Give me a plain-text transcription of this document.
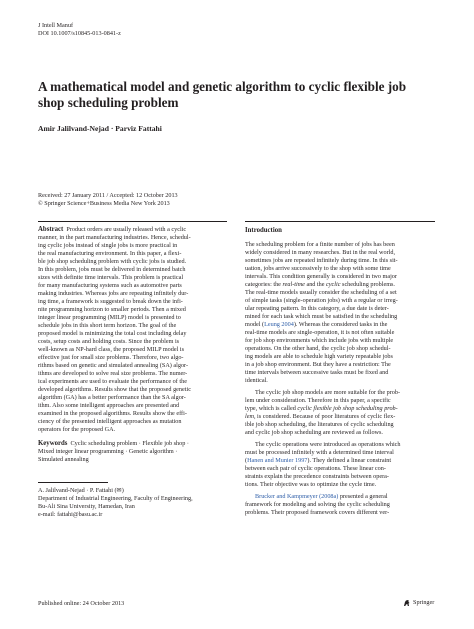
J Intell Manuf
DOI 10.1007/s10845-013-0841-z
A mathematical model and genetic algorithm to cyclic flexible job
shop scheduling problem
Amir Jalilvand-Nejad · Parviz Fattahi
Received: 27 January 2011 / Accepted: 12 October 2013
© Springer Science+Business Media New York 2013
Abstract Product orders are usually released with a cyclic
manner, in the part manufacturing industries. Hence, schedul-
ing cyclic jobs instead of single jobs is more practical in
the real manufacturing environment. In this paper, a flexi-
ble job shop scheduling problem with cyclic jobs is studied.
In this problem, jobs must be delivered in determined batch
sizes with definite time intervals. This problem is practical
for many manufacturing systems such as automotive parts
making industries. Whereas jobs are repeating infinitely dur-
ing time, a framework is suggested to break down the infi-
nite programming horizon to smaller periods. Then a mixed
integer linear programming (MILP) model is presented to
schedule jobs in this short term horizon. The goal of the
proposed model is minimizing the total cost including delay
costs, setup costs and holding costs. Since the problem is
well-known as NP-hard class, the proposed MILP model is
effective just for small size problems. Therefore, two algo-
rithms based on genetic and simulated annealing (SA) algor-
ithms are developed to solve real size problems. The numer-
ical experiments are used to evaluate the performance of the
developed algorithms. Results show that the proposed genetic
algorithm (GA) has a better performance than the SA algor-
ithm. Also some intelligent approaches are presented and
examined in the proposed algorithms. Results show the effi-
ciency of the presented intelligent approaches as mutation
operators for the proposed GA.
Keywords Cyclic scheduling problem · Flexible job shop ·
Mixed integer linear programming · Genetic algorithm ·
Simulated annealing
A. Jalilvand-Nejad · P. Fattahi (✉)
Department of Industrial Engineering, Faculty of Engineering,
Bu-Ali Sina University, Hamedan, Iran
e-mail: fattahi@basu.ac.ir
Introduction
The scheduling problem for a finite number of jobs has been
widely considered in many researches. But in the real world,
sometimes jobs are repeated infinitely during time. In this sit-
uation, jobs arrive successively to the shop with some time
intervals. This condition generally is considered in two major
categories: the real-time and the cyclic scheduling problems.
The real-time models usually consider the scheduling of a set
of simple tasks (single-operation jobs) with a regular or irreg-
ular repeating pattern. In this category, a due date is deter-
mined for each task which must be satisfied in the scheduling
model (Leung 2004). Whereas the considered tasks in the
real-time models are single-operation, it is not often suitable
for job shop environments which include jobs with multiple
operations. On the other hand, the cyclic job shop schedul-
ing models are able to schedule high variety repeatable jobs
in a job shop environment. But they have a restriction: The
time intervals between successive tasks must be fixed and
identical.
The cyclic job shop models are more suitable for the prob-
lem under consideration. Therefore in this paper, a specific
type, which is called cyclic flexible job shop scheduling prob-
lem, is considered. Because of poor literatures of cyclic flex-
ible job shop scheduling, the literatures of cyclic scheduling
and cyclic job shop scheduling are reviewed as follows.
The cyclic operations were introduced as operations which
must be processed infinitely with a determined time interval
(Hanen and Munier 1997). They defined a linear constraint
between each pair of cyclic operations. These linear con-
straints explain the precedence constraints between opera-
tions. Their objective was to optimize the cycle time.
Brucker and Kampmeyer (2008a) presented a general
framework for modeling and solving the cyclic scheduling
problems. Their proposed framework covers different ver-
Published online: 24 October 2013	Springer
